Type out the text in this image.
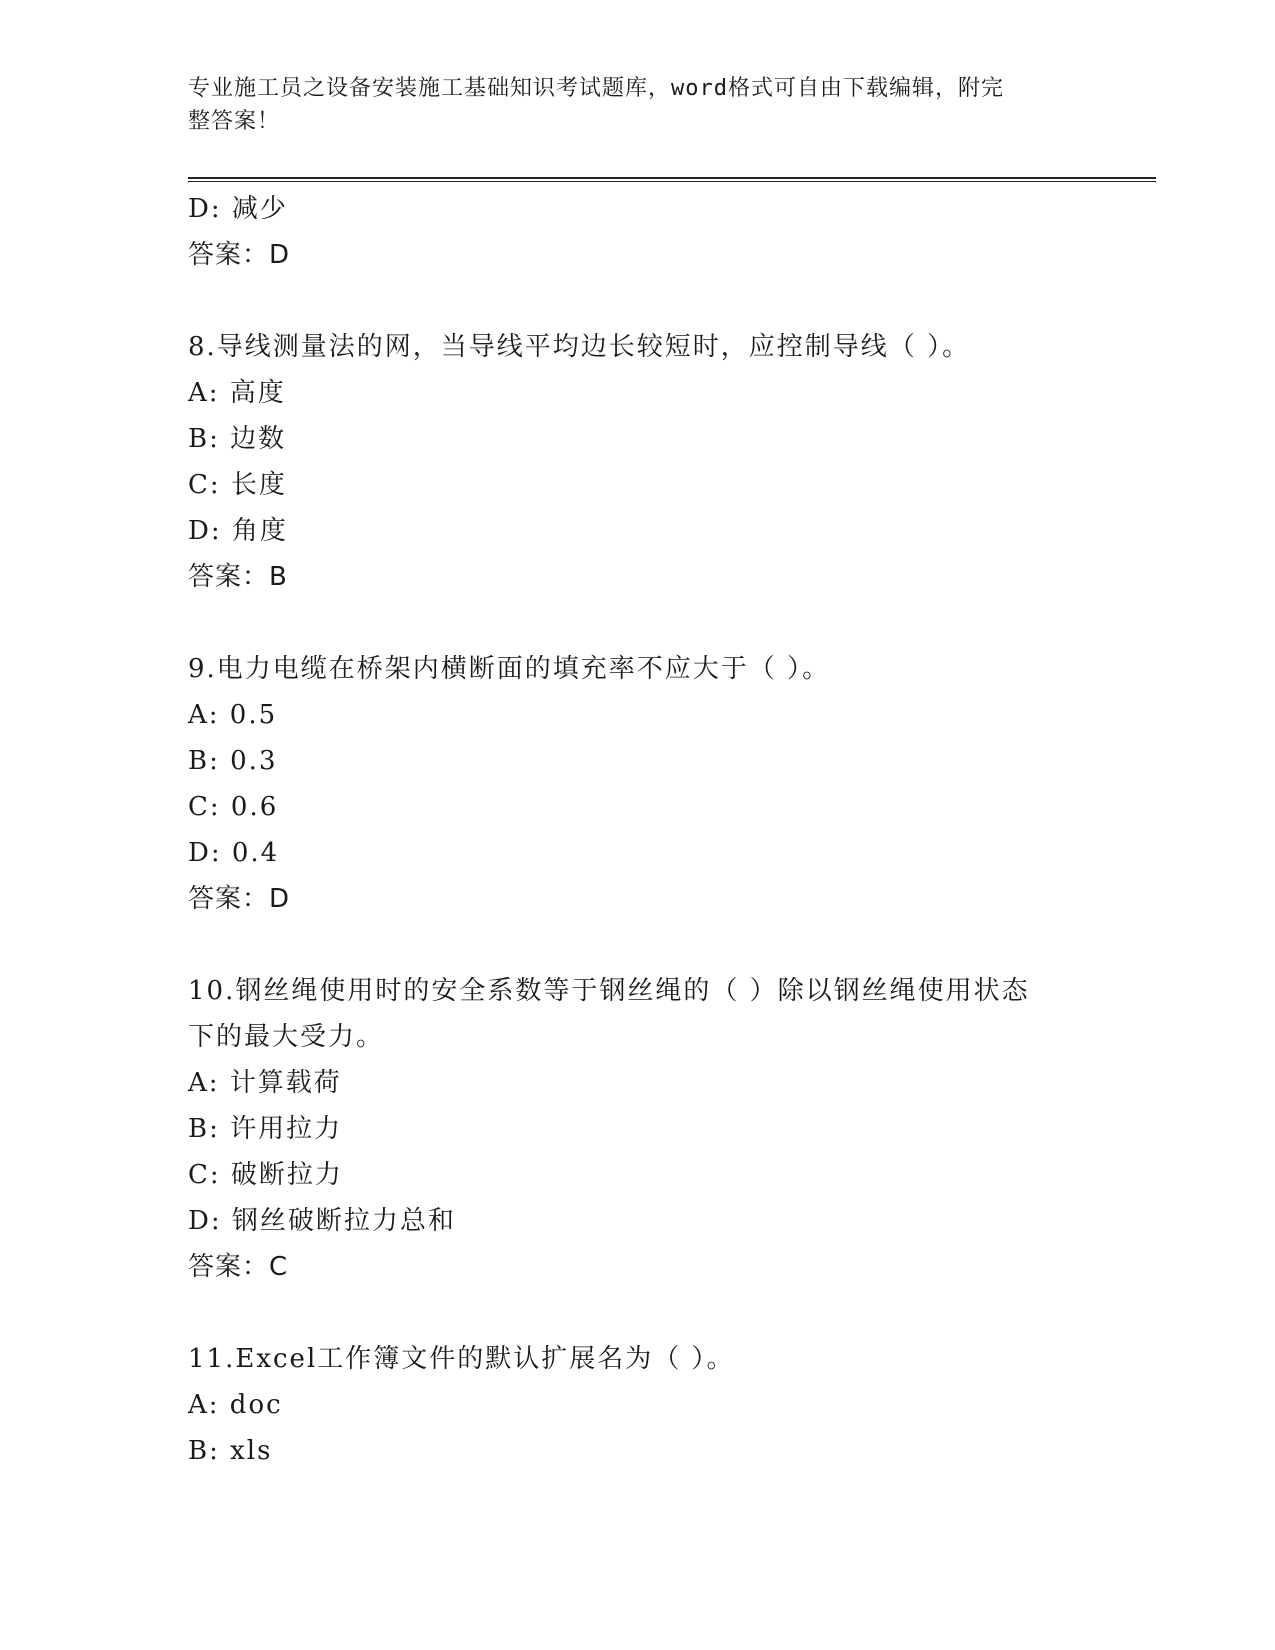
专业施工员之设备安装施工基础知识考试题库，word格式可自由下载编辑，附完
整答案！
D: 减少
答案：D
8.导线测量法的网，当导线平均边长较短时，应控制导线（ ）。
A: 高度
B: 边数
C: 长度
D: 角度
答案：B
9.电力电缆在桥架内横断面的填充率不应大于（ ）。
A: 0.5
B: 0.3
C: 0.6
D: 0.4
答案：D
10.钢丝绳使用时的安全系数等于钢丝绳的（ ）除以钢丝绳使用状态
下的最大受力。
A: 计算载荷
B: 许用拉力
C: 破断拉力
D: 钢丝破断拉力总和
答案：C
11.Excel工作簿文件的默认扩展名为（ ）。
A: doc
B: xls
